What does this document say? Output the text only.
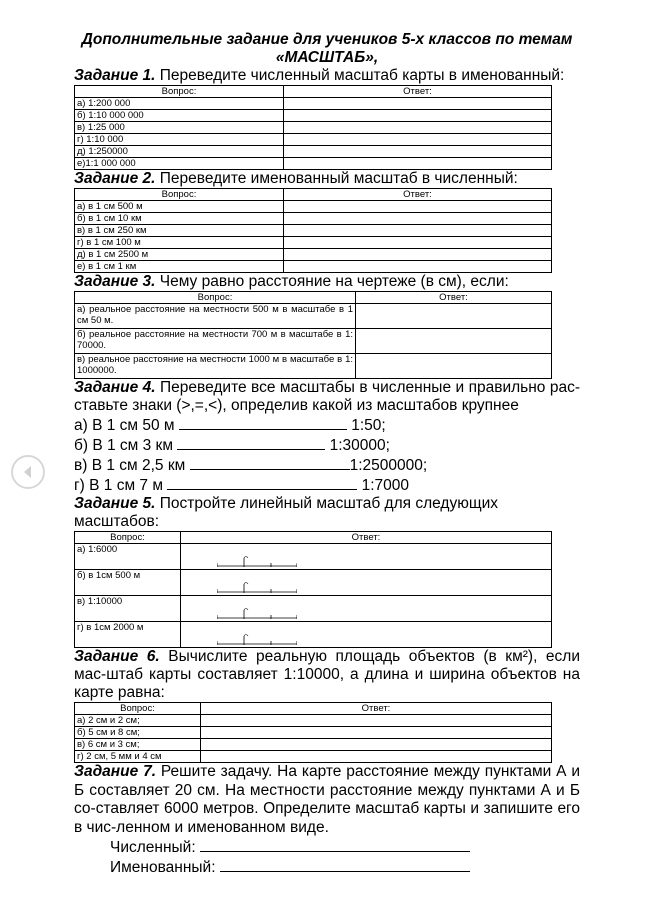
Дополнительные задание для учеников 5-х классов по темам

«МАСШТАБ»,

Задание 1. Переведите численный масштаб карты в именованный:

Вопрос:	Ответ:
а) 1:200 000	
б) 1:10 000 000	
в) 1:25 000	
г) 1:10 000	
д) 1:250000	
е)1:1 000 000	

Задание 2. Переведите именованный масштаб в численный:

Вопрос:	Ответ:
а) в 1 см 500 м	
б) в 1 см 10 км	
в) в 1 см 250 км	
г) в 1 см 100 м	
д) в 1 см 2500 м	
е) в 1 см 1 км	

Задание 3. Чему равно расстояние на чертеже (в см), если:

Вопрос:	Ответ:
а) реальное расстояние на местности 500 м в масштабе в 1 см 50 м.	
б) реальное расстояние на местности 700 м в масштабе в 1: 70000.	
в) реальное расстояние на местности 1000 м в масштабе в 1: 1000000.	

Задание 4. Переведите все масштабы в численные и правильно рас-ставьте знаки (>,=,<), определив какой из масштабов крупнее

а) В 1 см 50 м	1:50;

б) В 1 см 3 км	1:30000;

в) В 1 см 2,5 км	1:2500000;

г) В 1 см 7 м	1:7000

Задание 5. Постройте линейный масштаб для следующих масштабов:

Вопрос:	Ответ:
а) 1:6000	

б) в 1см 500 м	

в) 1:10000	

г) в 1см 2000 м	

Задание 6. Вычислите реальную площадь объектов (в км²), если мас-штаб карты составляет 1:10000, а длина и ширина объектов на карте равна:

Вопрос:	Ответ:
а) 2 см и 2 см;	
б) 5 см и 8 см;	
в) 6 см и 3 см;	
г) 2 см, 5 мм и 4 см	

Задание 7. Решите задачу. На карте расстояние между пунктами А и Б составляет 20 см. На местности расстояние между пунктами А и Б со-ставляет 6000 метров. Определите масштаб карты и запишите его в чис-ленном и именованном виде.

Численный:

Именованный:
